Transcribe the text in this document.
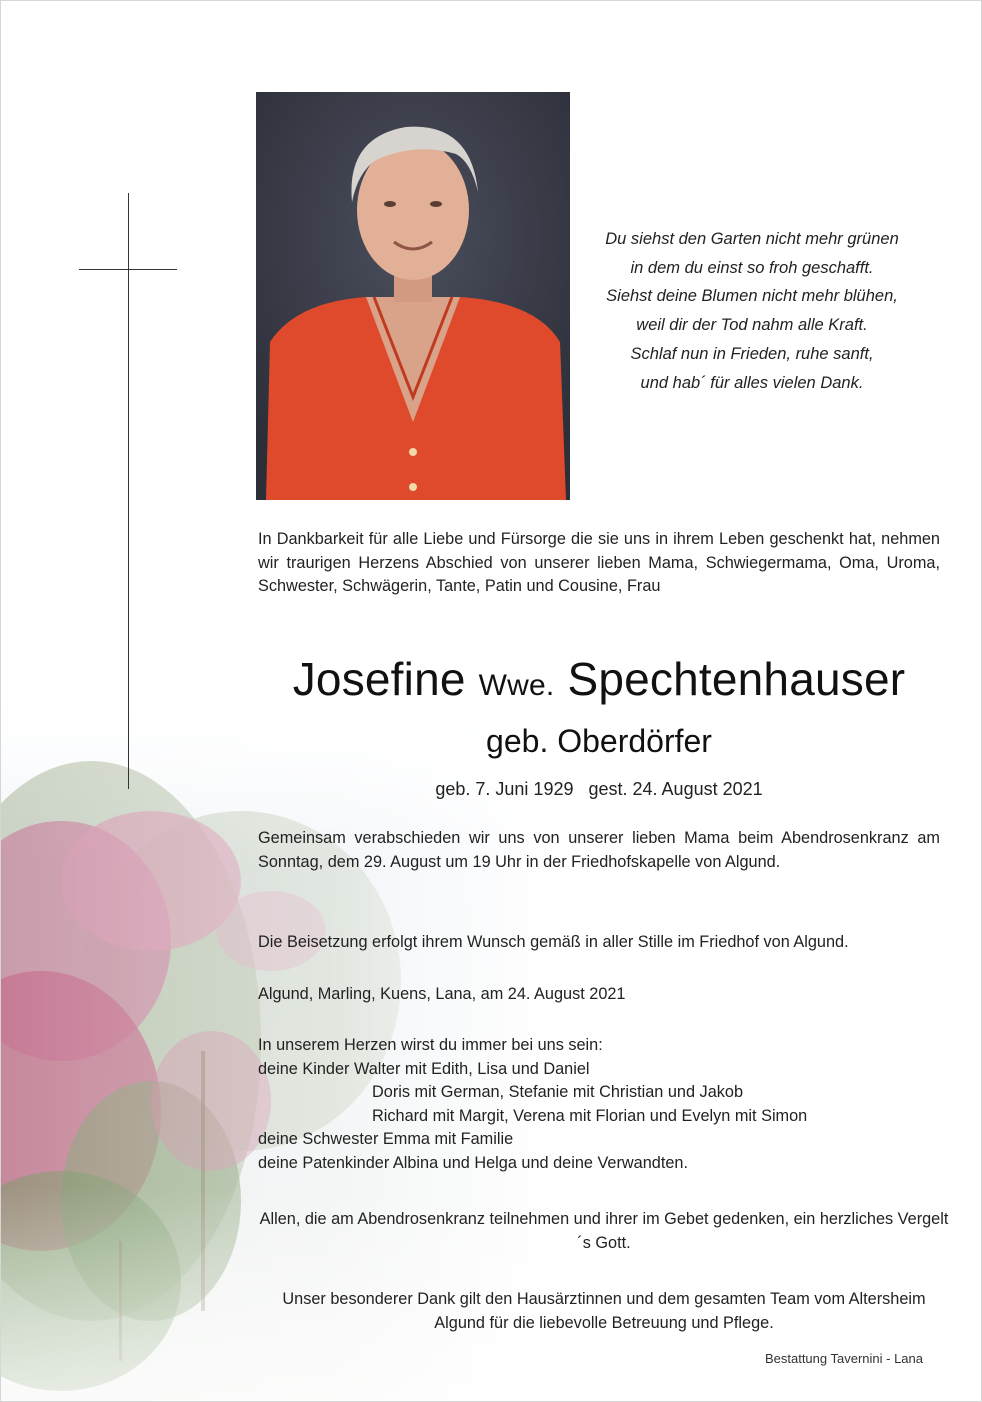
Du siehst den Garten nicht mehr grünen
in dem du einst so froh geschafft.
Siehst deine Blumen nicht mehr blühen,
weil dir der Tod nahm alle Kraft.
Schlaf nun in Frieden, ruhe sanft,
und hab´ für alles vielen Dank.
In Dankbarkeit für alle Liebe und Fürsorge die sie uns in ihrem Leben geschenkt hat, nehmen wir traurigen Herzens Abschied von unserer lieben Mama, Schwiegermama, Oma, Uroma, Schwester, Schwägerin, Tante, Patin und Cousine, Frau
Josefine Wwe. Spechtenhauser
geb. Oberdörfer
geb. 7. Juni 1929 gest. 24. August 2021
Gemeinsam verabschieden wir uns von unserer lieben Mama beim Abendrosenkranz am Sonntag, dem 29. August um 19 Uhr in der Friedhofskapelle von Algund.
Die Beisetzung erfolgt ihrem Wunsch gemäß in aller Stille im Friedhof von Algund.
Algund, Marling, Kuens, Lana, am 24. August 2021
In unserem Herzen wirst du immer bei uns sein:
deine Kinder Walter mit Edith, Lisa und Daniel
Doris mit German, Stefanie mit Christian und Jakob
Richard mit Margit, Verena mit Florian und Evelyn mit Simon
deine Schwester Emma mit Familie
deine Patenkinder Albina und Helga und deine Verwandten.
Allen, die am Abendrosenkranz teilnehmen und ihrer im Gebet gedenken, ein herzliches Vergelt´s Gott.
Unser besonderer Dank gilt den Hausärztinnen und dem gesamten Team vom Altersheim Algund für die liebevolle Betreuung und Pflege.
Bestattung Tavernini - Lana
